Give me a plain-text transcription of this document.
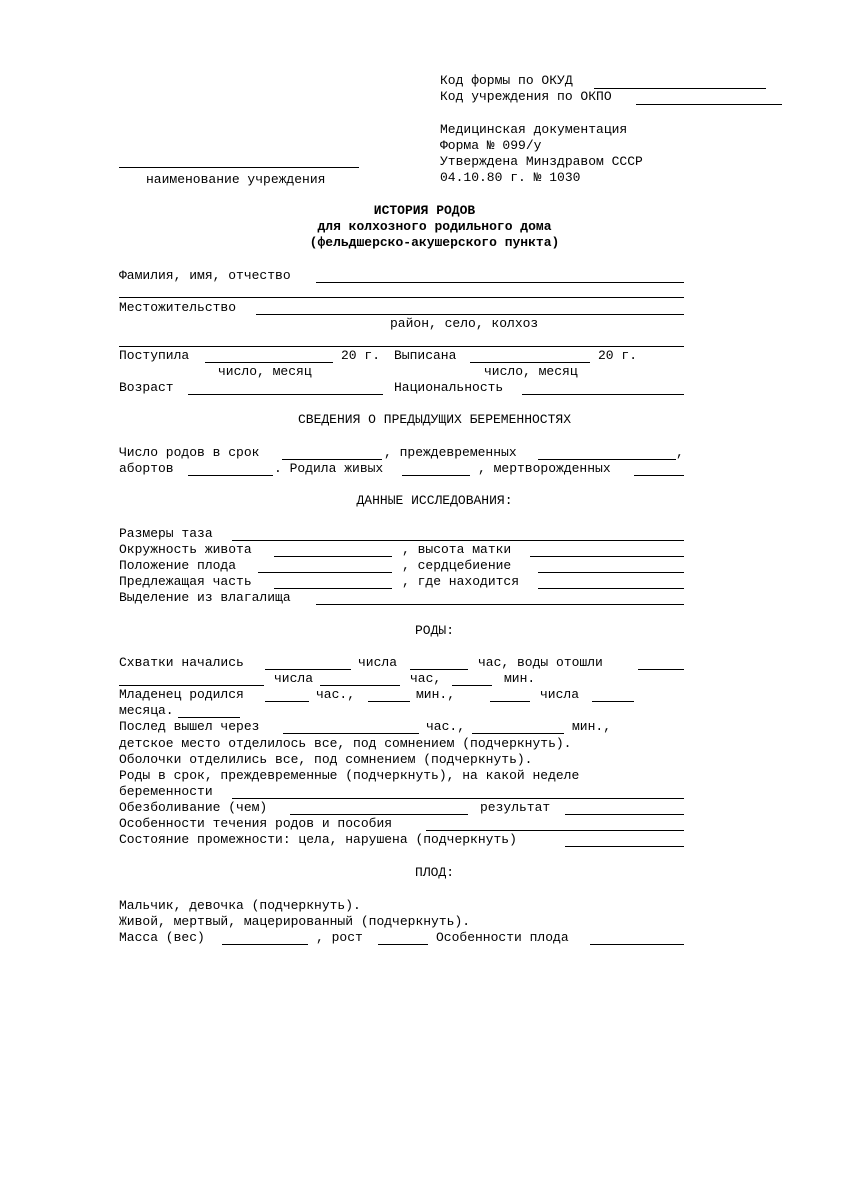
Код формы по ОКУД
Код учреждения по ОКПО
Медицинская документация
Форма № 099/у
Утверждена Минздравом СССР
04.10.80 г. № 1030
наименование учреждения
ИСТОРИЯ РОДОВ
для колхозного родильного дома
(фельдшерско-акушерского пункта)
Фамилия, имя, отчество
Местожительство
район, село, колхоз
Поступила	20 г. Выписана	20 г.
число, месяц	число, месяц
Возраст	Национальность
СВЕДЕНИЯ О ПРЕДЫДУЩИХ БЕРЕМЕННОСТЯХ
Число родов в срок	, преждевременных	,
абортов	. Родила живых	, мертворожденных
ДАННЫЕ ИССЛЕДОВАНИЯ:
Размеры таза
Окружность живота	, высота матки
Положение плода	, сердцебиение
Предлежащая часть	, где находится
Выделение из влагалища
РОДЫ:
Схватки начались	числа	час, воды отошли
числа	час,	мин.
Младенец родился	час.,	мин.,	числа
месяца.
Послед вышел через	час.,	мин.,
детское место отделилось все, под сомнением (подчеркнуть).
Оболочки отделились все, под сомнением (подчеркнуть).
Роды в срок, преждевременные (подчеркнуть), на какой неделе
беременности
Обезболивание (чем)	результат
Особенности течения родов и пособия
Состояние промежности: цела, нарушена (подчеркнуть)
ПЛОД:
Мальчик, девочка (подчеркнуть).
Живой, мертвый, мацерированный (подчеркнуть).
Масса (вес)	, рост	Особенности плода
